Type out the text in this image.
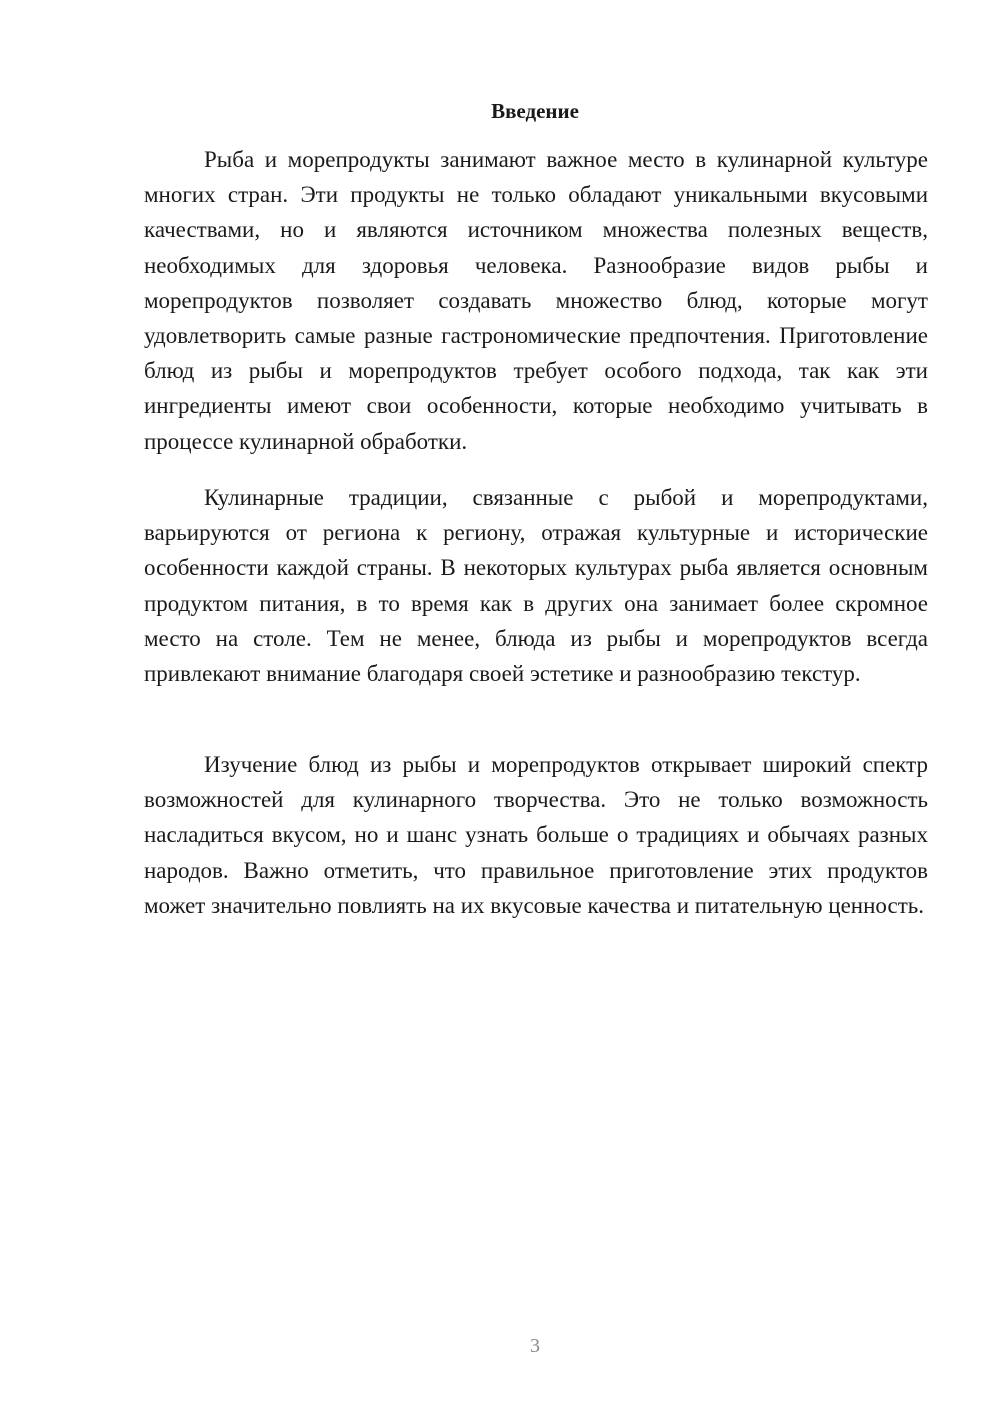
Введение

Рыба и морепродукты занимают важное место в кулинарной культуре многих стран. Эти продукты не только обладают уникальными вкусовыми качествами, но и являются источником множества полезных веществ, необходимых для здоровья человека. Разнообразие видов рыбы и морепродуктов позволяет создавать множество блюд, которые могут удовлетворить самые разные гастрономические предпочтения. Приготовление блюд из рыбы и морепродуктов требует особого подхода, так как эти ингредиенты имеют свои особенности, которые необходимо учитывать в процессе кулинарной обработки.

Кулинарные традиции, связанные с рыбой и морепродуктами, варьируются от региона к региону, отражая культурные и исторические особенности каждой страны. В некоторых культурах рыба является основным продуктом питания, в то время как в других она занимает более скромное место на столе. Тем не менее, блюда из рыбы и морепродуктов всегда привлекают внимание благодаря своей эстетике и разнообразию текстур.

Изучение блюд из рыбы и морепродуктов открывает широкий спектр возможностей для кулинарного творчества. Это не только возможность насладиться вкусом, но и шанс узнать больше о традициях и обычаях разных народов. Важно отметить, что правильное приготовление этих продуктов может значительно повлиять на их вкусовые качества и питательную ценность.

3
